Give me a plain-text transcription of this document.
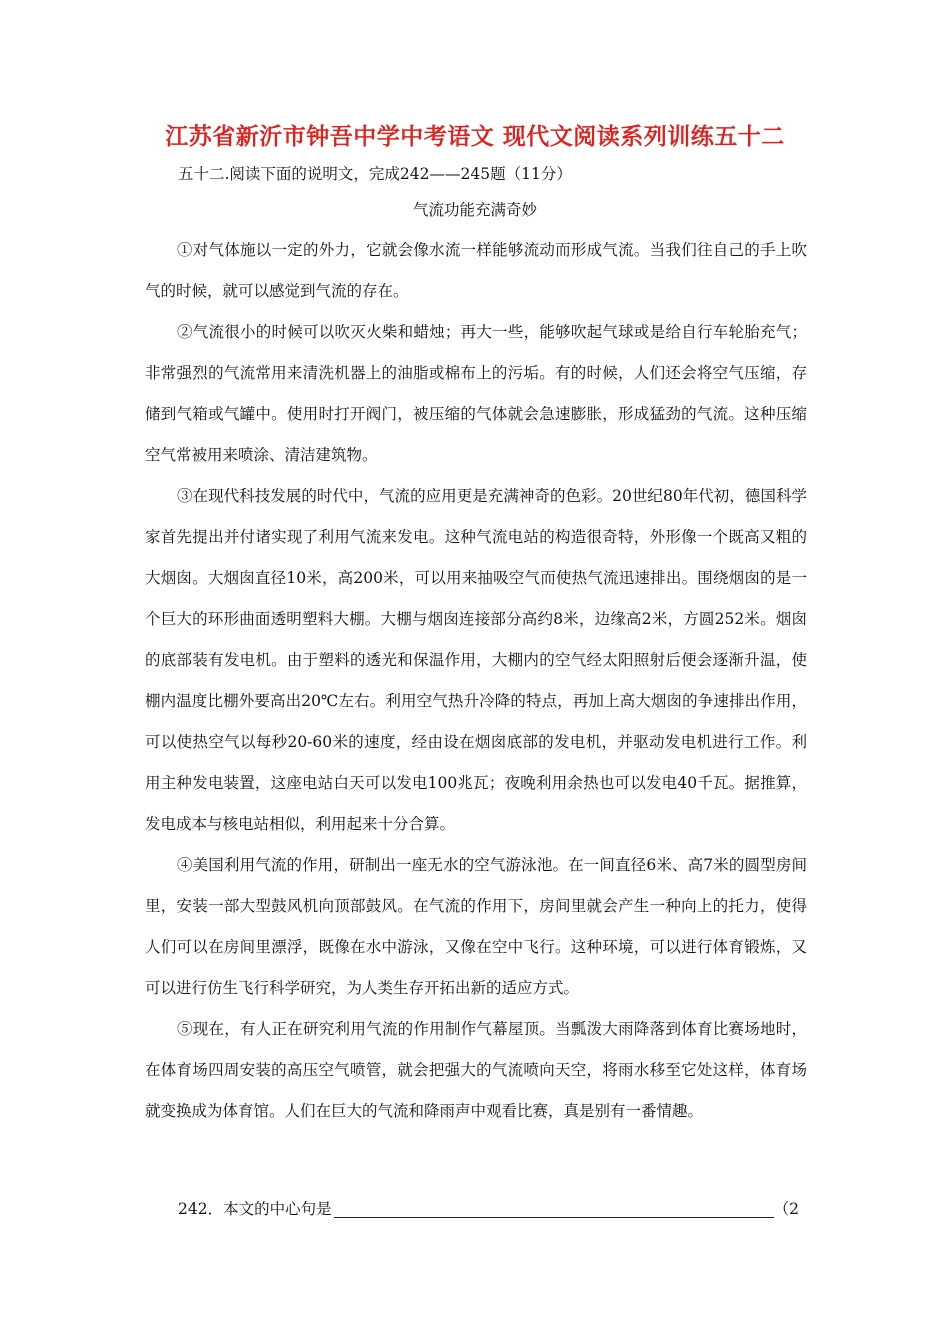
江苏省新沂市钟吾中学中考语文 现代文阅读系列训练五十二
五十二.阅读下面的说明文，完成242——245题（11分）
气流功能充满奇妙

①对气体施以一定的外力，它就会像水流一样能够流动而形成气流。当我们往自己的手上吹气的时候，就可以感觉到气流的存在。

②气流很小的时候可以吹灭火柴和蜡烛；再大一些，能够吹起气球或是给自行车轮胎充气；非常强烈的气流常用来清洗机器上的油脂或棉布上的污垢。有的时候，人们还会将空气压缩，存储到气箱或气罐中。使用时打开阀门，被压缩的气体就会急速膨胀，形成猛劲的气流。这种压缩空气常被用来喷涂、清洁建筑物。

③在现代科技发展的时代中，气流的应用更是充满神奇的色彩。20世纪80年代初，德国科学家首先提出并付诸实现了利用气流来发电。这种气流电站的构造很奇特，外形像一个既高又粗的大烟囱。大烟囱直径10米，高200米，可以用来抽吸空气而使热气流迅速排出。围绕烟囱的是一个巨大的环形曲面透明塑料大棚。大棚与烟囱连接部分高约8米，边缘高2米，方圆252米。烟囱的底部装有发电机。由于塑料的透光和保温作用，大棚内的空气经太阳照射后便会逐渐升温，使棚内温度比棚外要高出20℃左右。利用空气热升冷降的特点，再加上高大烟囱的争速排出作用，可以使热空气以每秒20-60米的速度，经由设在烟囱底部的发电机，并驱动发电机进行工作。利用主种发电装置，这座电站白天可以发电100兆瓦；夜晚利用余热也可以发电40千瓦。据推算，发电成本与核电站相似，利用起来十分合算。

④美国利用气流的作用，研制出一座无水的空气游泳池。在一间直径6米、高7米的圆型房间里，安装一部大型鼓风机向顶部鼓风。在气流的作用下，房间里就会产生一种向上的托力，使得人们可以在房间里漂浮，既像在水中游泳，又像在空中飞行。这种环境，可以进行体育锻炼，又可以进行仿生飞行科学研究，为人类生存开拓出新的适应方式。

⑤现在，有人正在研究利用气流的作用制作气幕屋顶。当瓢泼大雨降落到体育比赛场地时，在体育场四周安装的高压空气喷管，就会把强大的气流喷向天空，将雨水移至它处这样，体育场就变换成为体育馆。人们在巨大的气流和降雨声中观看比赛，真是别有一番情趣。

242．本文的中心句是	（2
